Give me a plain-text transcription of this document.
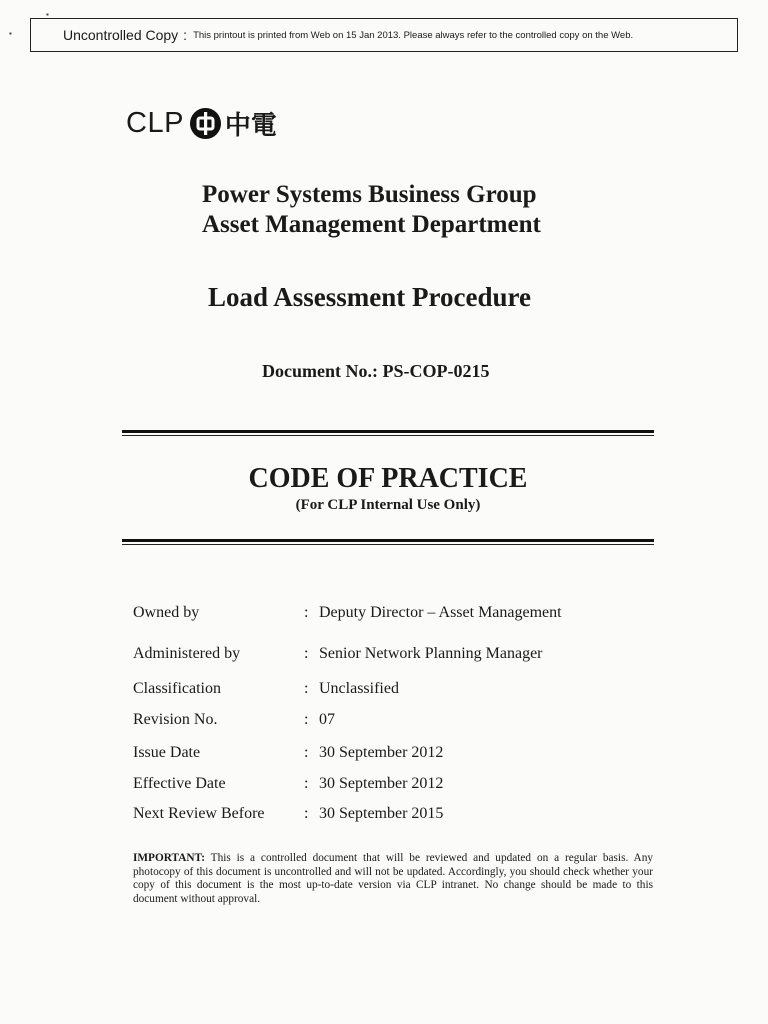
▪
▪	Uncontrolled Copy : This printout is printed from Web on 15 Jan 2013. Please always refer to the controlled copy on the Web.
CLP 中電
Power Systems Business Group
Asset Management Department
Load Assessment Procedure
Document No.: PS-COP-0215
CODE OF PRACTICE
(For CLP Internal Use Only)
Owned by	: Deputy Director – Asset Management
Administered by	: Senior Network Planning Manager
Classification	: Unclassified
Revision No.	: 07
Issue Date	: 30 September 2012
Effective Date	: 30 September 2012
Next Review Before	: 30 September 2015
IMPORTANT: This is a controlled document that will be reviewed and updated on a regular basis. Any photocopy of this document is uncontrolled and will not be updated. Accordingly, you should check whether your copy of this document is the most up-to-date version via CLP intranet. No change should be made to this document without approval.
